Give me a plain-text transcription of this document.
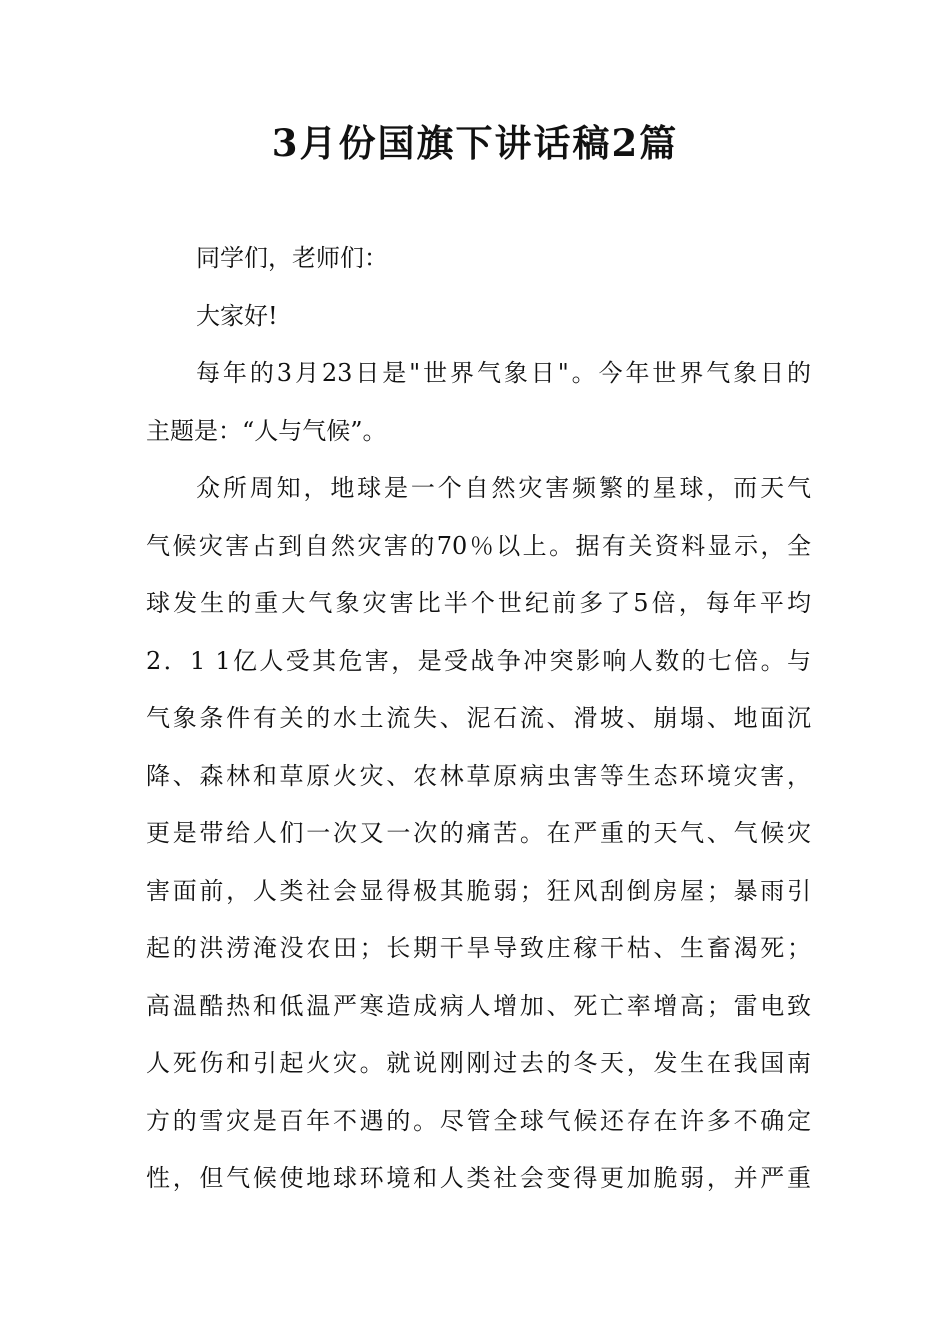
3月份国旗下讲话稿2篇
同学们，老师们：
大家好!
每年的3月23日是"世界气象日"。今年世界气象日的
主题是：“人与气候”。
众所周知，地球是一个自然灾害频繁的星球，而天气
气候灾害占到自然灾害的70％以上。据有关资料显示，全
球发生的重大气象灾害比半个世纪前多了5倍，每年平均
2．1 1亿人受其危害，是受战争冲突影响人数的七倍。与
气象条件有关的水土流失、泥石流、滑坡、崩塌、地面沉
降、森林和草原火灾、农林草原病虫害等生态环境灾害，
更是带给人们一次又一次的痛苦。在严重的天气、气候灾
害面前，人类社会显得极其脆弱；狂风刮倒房屋；暴雨引
起的洪涝淹没农田；长期干旱导致庄稼干枯、生畜渴死；
高温酷热和低温严寒造成病人增加、死亡率增高；雷电致
人死伤和引起火灾。就说刚刚过去的冬天，发生在我国南
方的雪灾是百年不遇的。尽管全球气候还存在许多不确定
性，但气候使地球环境和人类社会变得更加脆弱，并严重
